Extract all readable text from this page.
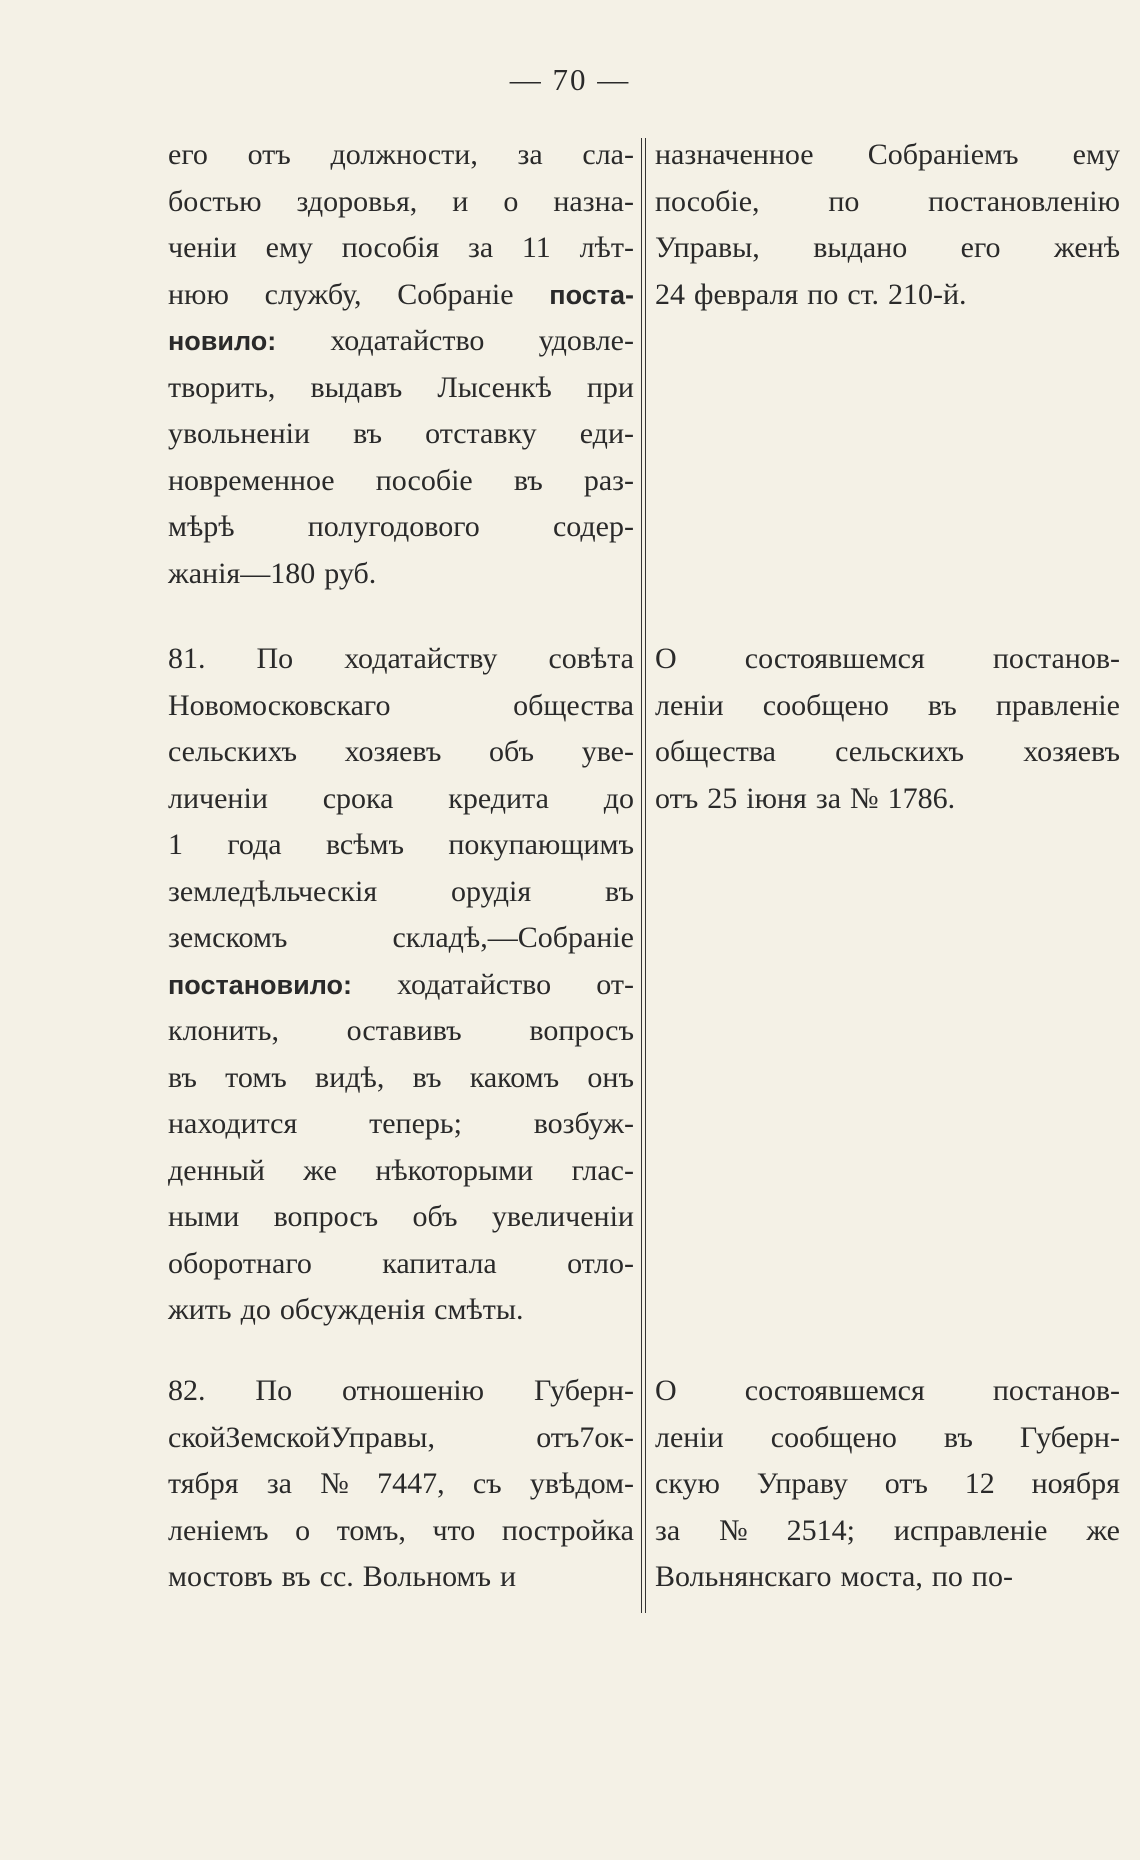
— 70 —
его отъ должности, за сла-
бостью здоровья, и о назна-
ченіи ему пособія за 11 лѣт-
нюю службу, Собраніе поста-
новило: ходатайство удовле-
творить, выдавъ Лысенкѣ при
увольненіи въ отставку еди-
новременное пособіе въ раз-
мѣрѣ полугодового содер-
жанія—180 руб.
81. По ходатайству совѣта
Новомосковскаго	общества
сельскихъ хозяевъ объ уве-
личеніи срока кредита до
1 года всѣмъ покупающимъ
земледѣльческія орудія въ
земскомъ	складѣ,—Собраніе
постановило: ходатайство от-
клонить, оставивъ вопросъ
въ томъ видѣ, въ какомъ онъ
находится теперь; возбуж-
денный же нѣкоторыми глас-
ными вопросъ объ увеличеніи
оборотнаго капитала отло-
жить до обсужденія смѣты.
82. По отношенію Губерн-
скойЗемскойУправы,	отъ7ок-
тября за № 7447, съ увѣдом-
леніемъ о томъ, что постройка
мостовъ въ сс. Вольномъ и
назначенное Собраніемъ ему
пособіе, по постановленію
Управы, выдано его женѣ
24 февраля по ст. 210-й.
О состоявшемся постанов-
леніи сообщено въ правленіе
общества сельскихъ хозяевъ
отъ 25 іюня за № 1786.
О состоявшемся постанов-
леніи сообщено въ Губерн-
скую Управу отъ 12 ноября
за № 2514; исправленіе же
Вольнянскаго моста, по по-
